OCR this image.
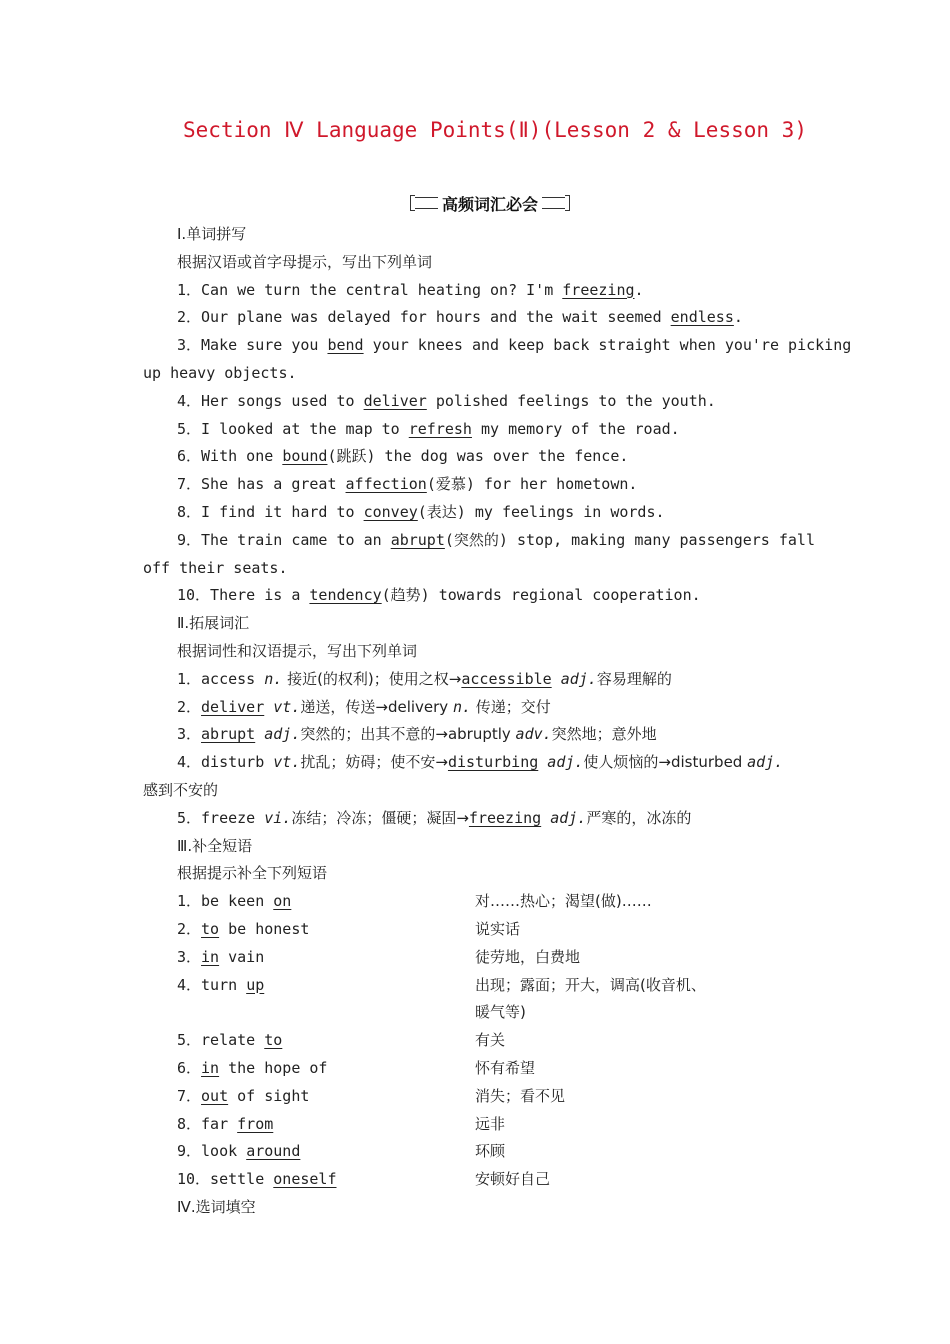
Section Ⅳ Language Points(Ⅱ)(Lesson 2 & Lesson 3)
高频词汇必会
Ⅰ.单词拼写
根据汉语或首字母提示，写出下列单词
1．Can we turn the central heating on? I'm freezing.
2．Our plane was delayed for hours and the wait seemed endless.
3．Make sure you bend your knees and keep back straight when you're picking
up heavy objects.
4．Her songs used to deliver polished feelings to the youth.
5．I looked at the map to refresh my memory of the road.
6．With one bound(跳跃) the dog was over the fence.
7．She has a great affection(爱慕) for her hometown.
8．I find it hard to convey(表达) my feelings in words.
9．The train came to an abrupt(突然的) stop, making many passengers fall
off their seats.
10．There is a tendency(趋势) towards regional cooperation.
Ⅱ.拓展词汇
根据词性和汉语提示，写出下列单词
1．access n. 接近(的权利)；使用之权→accessible adj.容易理解的
2．deliver vt.递送，传送→delivery n. 传递；交付
3．abrupt adj.突然的；出其不意的→abruptly adv.突然地；意外地
4．disturb vt.扰乱；妨碍；使不安→disturbing adj.使人烦恼的→disturbed adj.
感到不安的
5．freeze vi.冻结；冷冻；僵硬；凝固→freezing adj.严寒的，冰冻的
Ⅲ.补全短语
根据提示补全下列短语
1．be keen on	对……热心；渴望(做)……
2．to be honest	说实话
3．in vain	徒劳地，白费地
4．turn up	出现；露面；开大，调高(收音机、
暖气等)
5．relate to	有关
6．in the hope of	怀有希望
7．out of sight	消失；看不见
8．far from	远非
9．look around	环顾
10．settle oneself	安顿好自己
Ⅳ.选词填空
